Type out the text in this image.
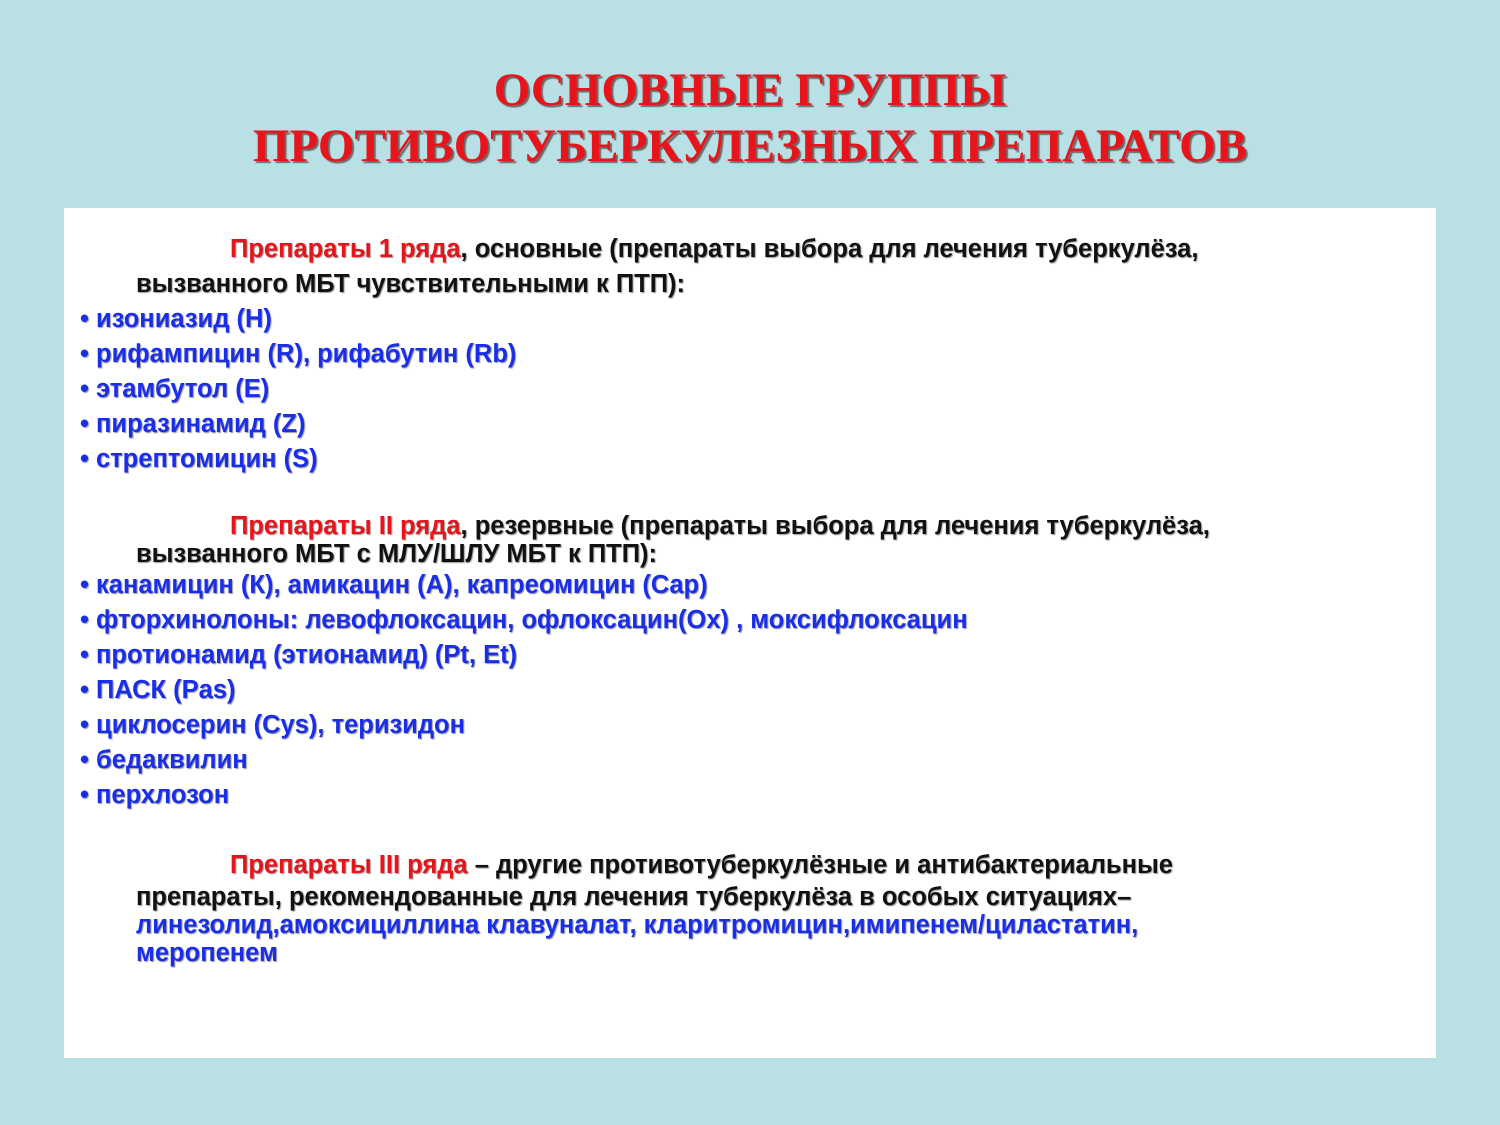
ОСНОВНЫЕ ГРУППЫ
ПРОТИВОТУБЕРКУЛЕЗНЫХ ПРЕПАРАТОВ
Препараты 1 ряда, основные (препараты выбора для лечения туберкулёза,
вызванного МБТ чувствительными к ПТП):
• изониазид (H)
• рифампицин (R), рифабутин (Rb)
• этамбутол (E)
• пиразинамид (Z)
• стрептомицин (S)
Препараты II ряда, резервные (препараты выбора для лечения туберкулёза,
вызванного МБТ с МЛУ/ШЛУ МБТ к ПТП):
• канамицин (К), амикацин (А), капреомицин (Cap)
• фторхинолоны: левофлоксацин, офлоксацин(Ox) , моксифлоксацин
• протионамид (этионамид) (Pt, Et)
• ПАСК (Pas)
• циклосерин (Cys), теризидон
• бедаквилин
• перхлозон
Препараты III ряда – другие противотуберкулёзные и антибактериальные
препараты, рекомендованные для лечения туберкулёза в особых ситуациях–
линезолид,амоксициллина клавуналат, кларитромицин,имипенем/циластатин,
меропенем
